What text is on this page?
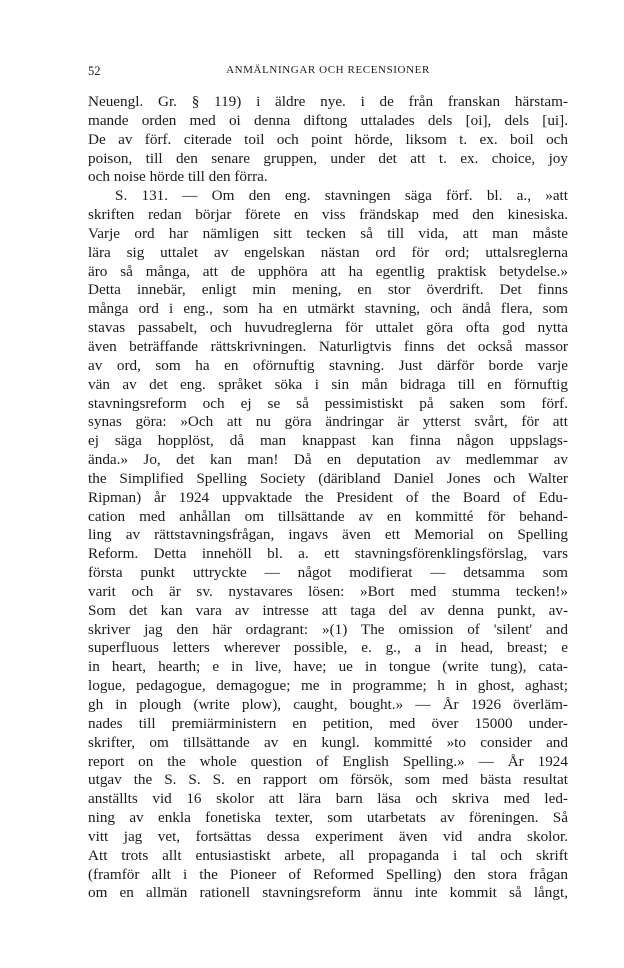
52	ANMÄLNINGAR OCH RECENSIONER
Neuengl. Gr. § 119) i äldre nye. i de från franskan härstam-
mande orden med oi denna diftong uttalades dels [oi], dels [ui].
De av förf. citerade toil och point hörde, liksom t. ex. boil och
poison, till den senare gruppen, under det att t. ex. choice, joy
och noise hörde till den förra.
S. 131. — Om den eng. stavningen säga förf. bl. a., »att
skriften redan börjar förete en viss frändskap med den kinesiska.
Varje ord har nämligen sitt tecken så till vida, att man måste
lära sig uttalet av engelskan nästan ord för ord; uttalsreglerna
äro så många, att de upphöra att ha egentlig praktisk betydelse.»
Detta innebär, enligt min mening, en stor överdrift. Det finns
många ord i eng., som ha en utmärkt stavning, och ändå flera, som
stavas passabelt, och huvudreglerna för uttalet göra ofta god nytta
även beträffande rättskrivningen. Naturligtvis finns det också massor
av ord, som ha en oförnuftig stavning. Just därför borde varje
vän av det eng. språket söka i sin mån bidraga till en förnuftig
stavningsreform och ej se så pessimistiskt på saken som förf.
synas göra: »Och att nu göra ändringar är ytterst svårt, för att
ej säga hopplöst, då man knappast kan finna någon uppslags-
ända.» Jo, det kan man! Då en deputation av medlemmar av
the Simplified Spelling Society (däribland Daniel Jones och Walter
Ripman) år 1924 uppvaktade the President of the Board of Edu-
cation med anhållan om tillsättande av en kommitté för behand-
ling av rättstavningsfrågan, ingavs även ett Memorial on Spelling
Reform. Detta innehöll bl. a. ett stavningsförenklingsförslag, vars
första punkt uttryckte — något modifierat — detsamma som
varit och är sv. nystavares lösen: »Bort med stumma tecken!»
Som det kan vara av intresse att taga del av denna punkt, av-
skriver jag den här ordagrant: »(1) The omission of 'silent' and
superfluous letters wherever possible, e. g., a in head, breast; e
in heart, hearth; e in live, have; ue in tongue (write tung), cata-
logue, pedagogue, demagogue; me in programme; h in ghost, aghast;
gh in plough (write plow), caught, bought.» — År 1926 överläm-
nades till premiärministern en petition, med över 15000 under-
skrifter, om tillsättande av en kungl. kommitté »to consider and
report on the whole question of English Spelling.» — År 1924
utgav the S. S. S. en rapport om försök, som med bästa resultat
anställts vid 16 skolor att lära barn läsa och skriva med led-
ning av enkla fonetiska texter, som utarbetats av föreningen. Så
vitt jag vet, fortsättas dessa experiment även vid andra skolor.
Att trots allt entusiastiskt arbete, all propaganda i tal och skrift
(framför allt i the Pioneer of Reformed Spelling) den stora frågan
om en allmän rationell stavningsreform ännu inte kommit så långt,
